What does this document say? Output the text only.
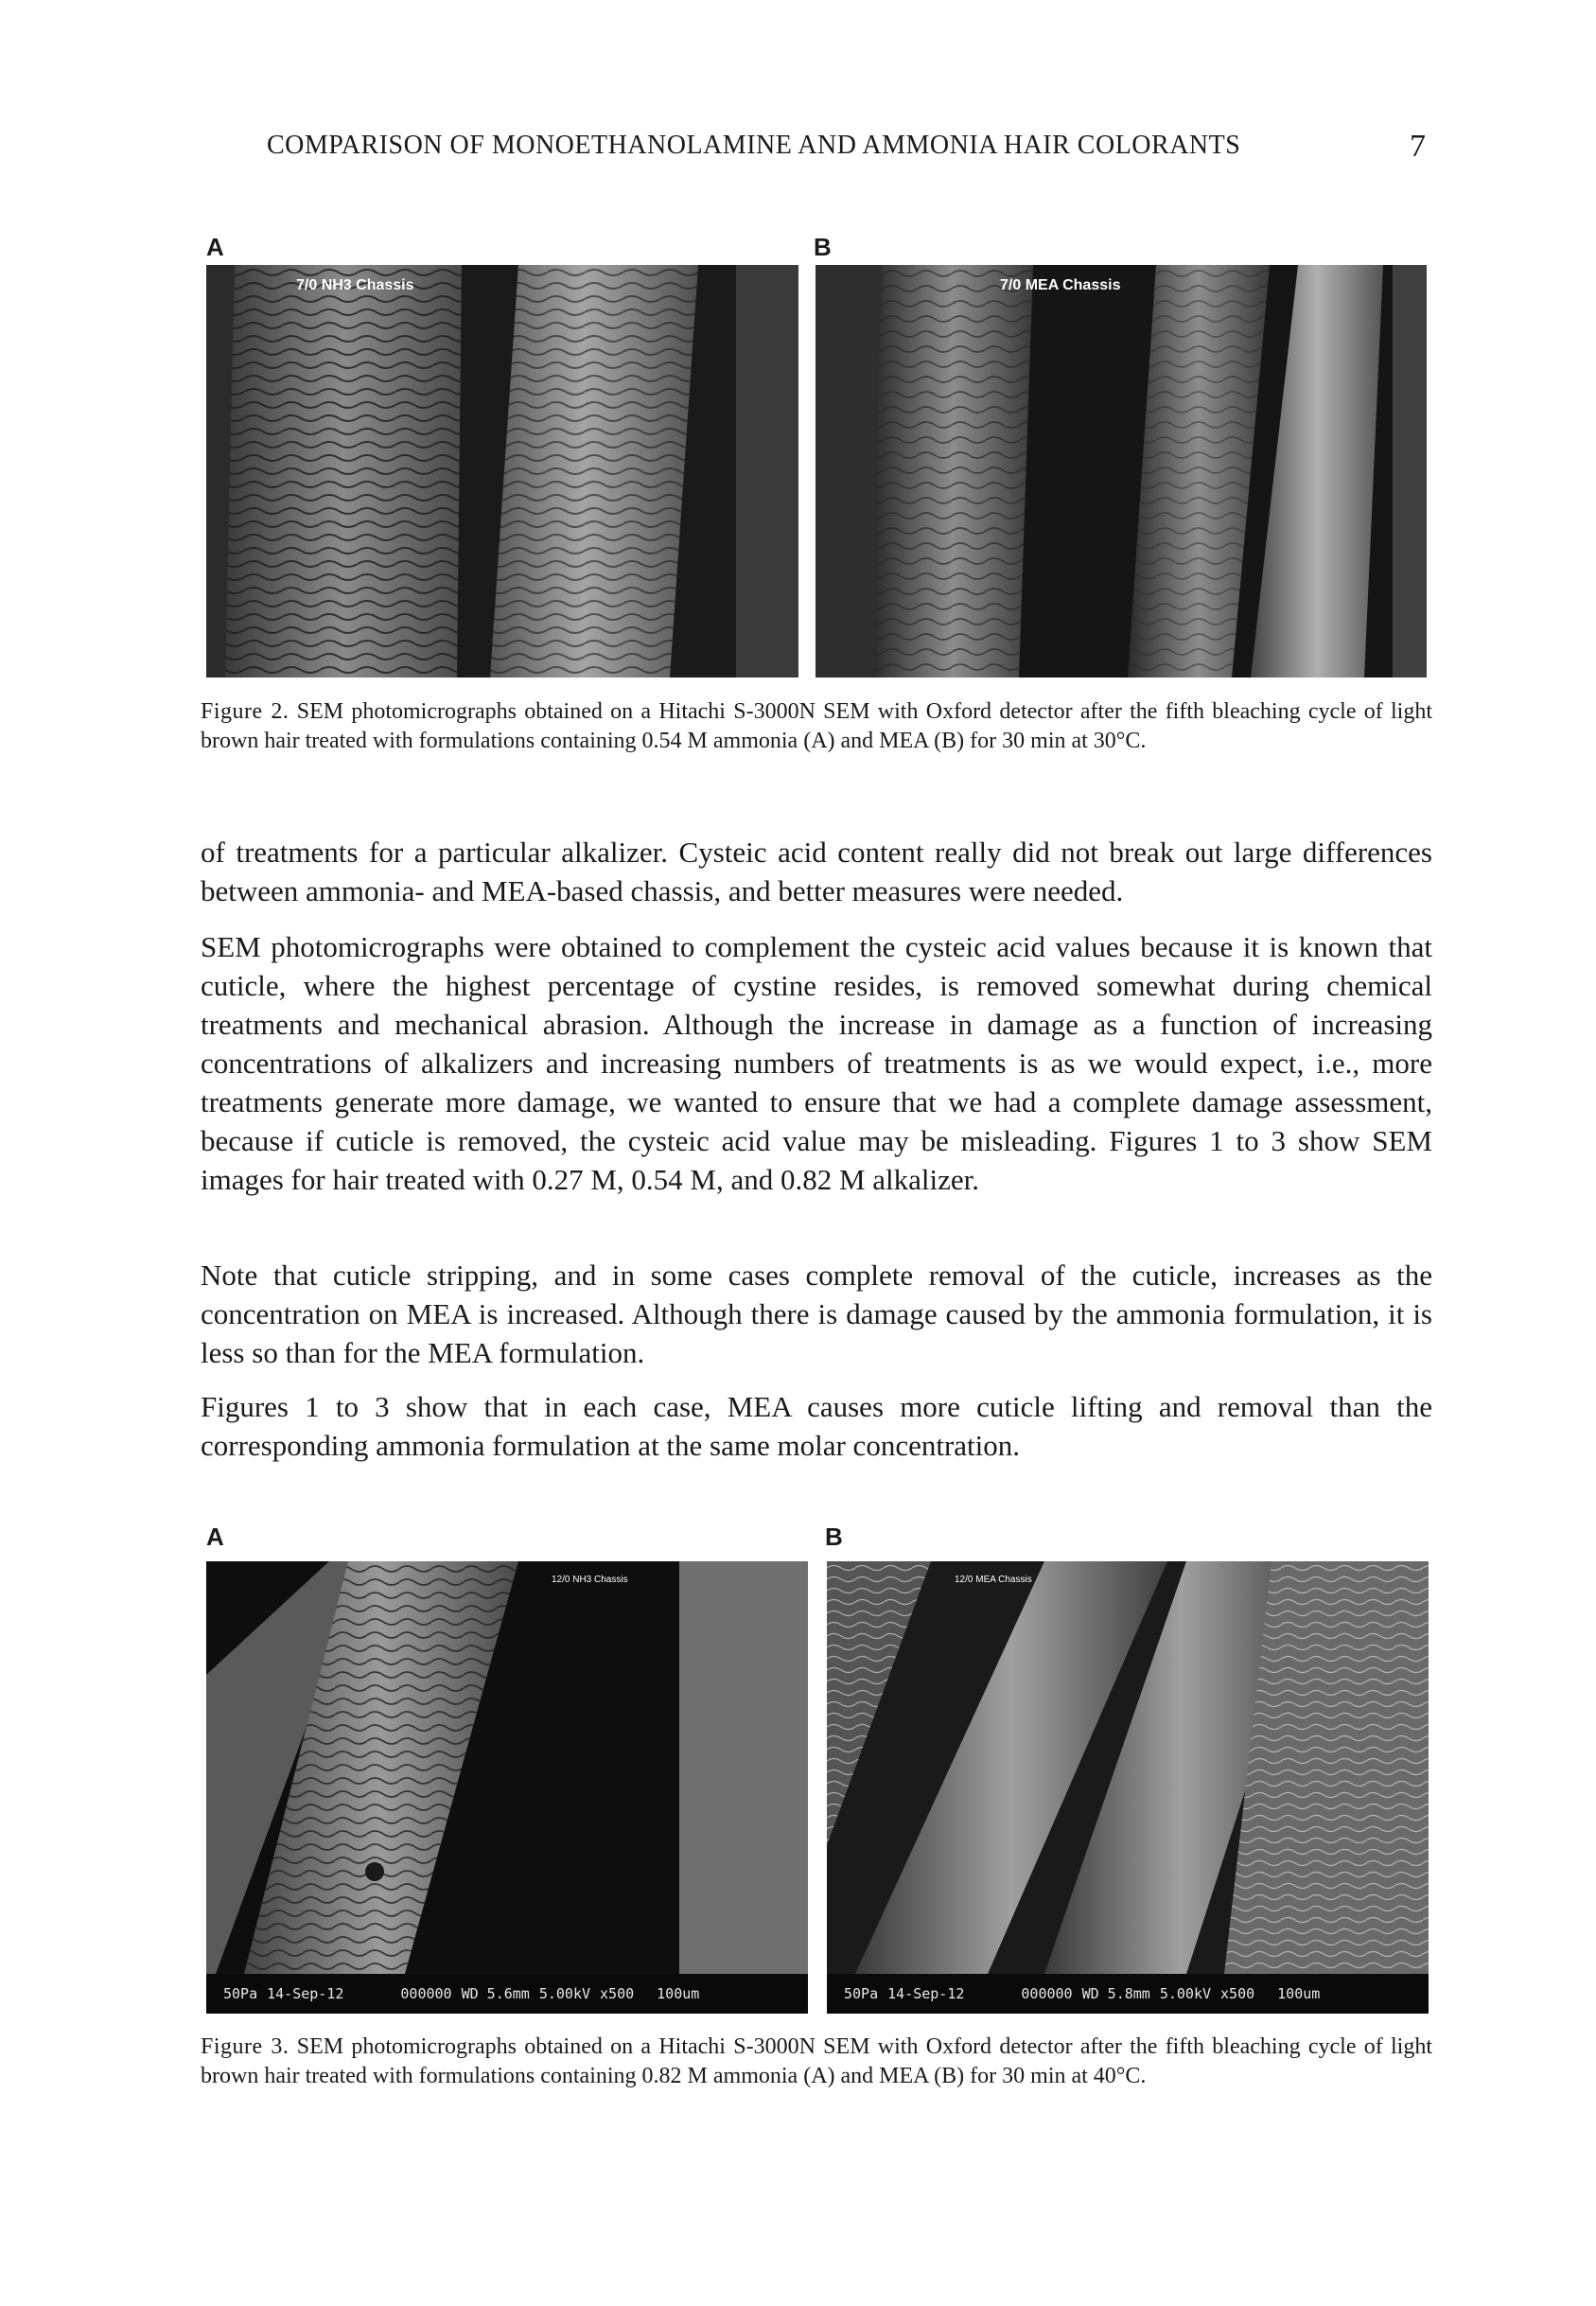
COMPARISON OF MONOETHANOLAMINE AND AMMONIA HAIR COLORANTS	7
A	B
7/0 NH3 Chassis	7/0 MEA Chassis
Figure 2. SEM photomicrographs obtained on a Hitachi S-3000N SEM with Oxford detector after the fifth bleaching cycle of light brown hair treated with formulations containing 0.54 M ammonia (A) and MEA (B) for 30 min at 30°C.

of treatments for a particular alkalizer. Cysteic acid content really did not break out large differences between ammonia- and MEA-based chassis, and better measures were needed.

SEM photomicrographs were obtained to complement the cysteic acid values because it is known that cuticle, where the highest percentage of cystine resides, is removed somewhat during chemical treatments and mechanical abrasion. Although the increase in damage as a function of increasing concentrations of alkalizers and increasing numbers of treatments is as we would expect, i.e., more treatments generate more damage, we wanted to ensure that we had a complete damage assessment, because if cuticle is removed, the cysteic acid value may be misleading. Figures 1 to 3 show SEM images for hair treated with 0.27 M, 0.54 M, and 0.82 M alkalizer.

Note that cuticle stripping, and in some cases complete removal of the cuticle, increases as the concentration on MEA is increased. Although there is damage caused by the ammonia formulation, it is less so than for the MEA formulation.

Figures 1 to 3 show that in each case, MEA causes more cuticle lifting and removal than the corresponding ammonia formulation at the same molar concentration.

A	B
12/0 NH3 Chassis
50Pa 14-Sep-12	000000 WD 5.6mm 5.00kV x500 100um
12/0 MEA Chassis
50Pa 14-Sep-12	000000 WD 5.8mm 5.00kV x500 100um
Figure 3. SEM photomicrographs obtained on a Hitachi S-3000N SEM with Oxford detector after the fifth bleaching cycle of light brown hair treated with formulations containing 0.82 M ammonia (A) and MEA (B) for 30 min at 40°C.
